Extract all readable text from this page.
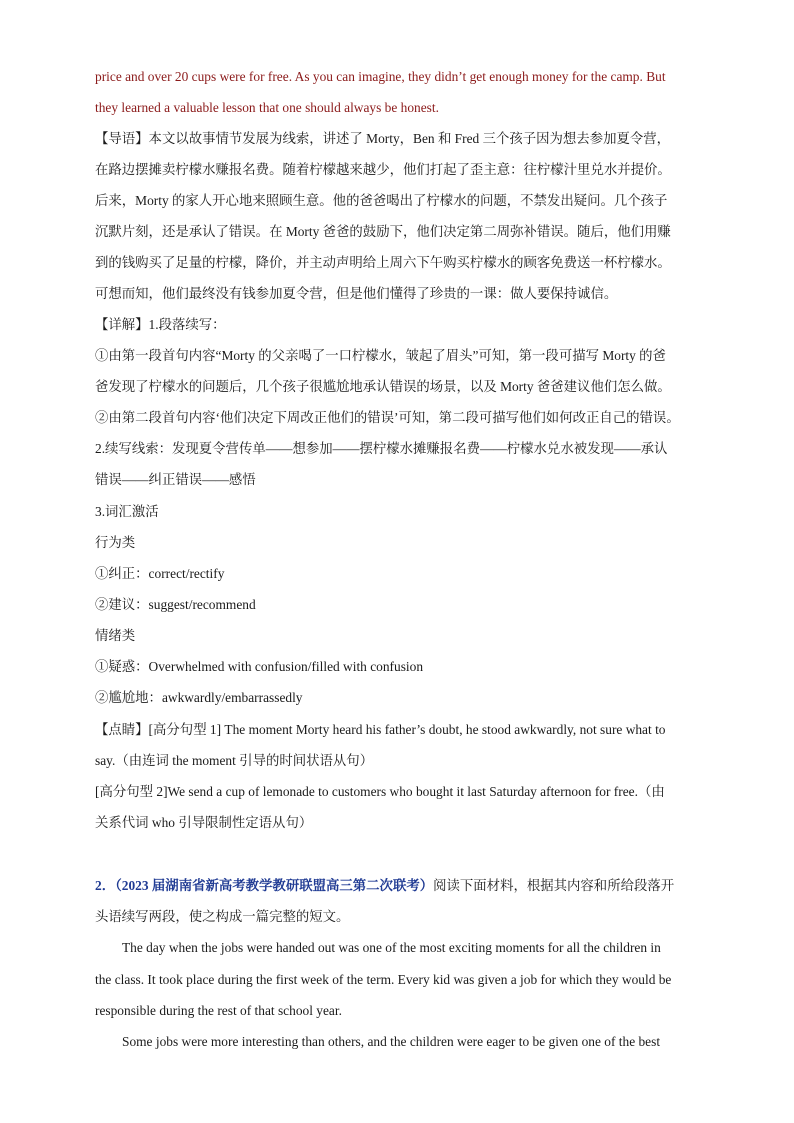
price and over 20 cups were for free. As you can imagine, they didn’t get enough money for the camp. But
they learned a valuable lesson that one should always be honest.
【导语】本文以故事情节发展为线索，讲述了 Morty，Ben 和 Fred 三个孩子因为想去参加夏令营，
在路边摆摊卖柠檬水赚报名费。随着柠檬越来越少，他们打起了歪主意：往柠檬汁里兑水并提价。
后来，Morty 的家人开心地来照顾生意。他的爸爸喝出了柠檬水的问题，不禁发出疑问。几个孩子
沉默片刻，还是承认了错误。在 Morty 爸爸的鼓励下，他们决定第二周弥补错误。随后，他们用赚
到的钱购买了足量的柠檬，降价，并主动声明给上周六下午购买柠檬水的顾客免费送一杯柠檬水。
可想而知，他们最终没有钱参加夏令营，但是他们懂得了珍贵的一课：做人要保持诚信。
【详解】1.段落续写：
①由第一段首句内容“Morty 的父亲喝了一口柠檬水，皱起了眉头”可知，第一段可描写 Morty 的爸
爸发现了柠檬水的问题后，几个孩子很尴尬地承认错误的场景，以及 Morty 爸爸建议他们怎么做。
②由第二段首句内容‘他们决定下周改正他们的错误’可知，第二段可描写他们如何改正自己的错误。
2.续写线索：发现夏令营传单——想参加——摆柠檬水摊赚报名费——柠檬水兑水被发现——承认
错误——纠正错误——感悟
3.词汇激活
行为类
①纠正：correct/rectify
②建议：suggest/recommend
情绪类
①疑惑：Overwhelmed with confusion/filled with confusion
②尴尬地：awkwardly/embarrassedly
【点睛】[高分句型 1] The moment Morty heard his father’s doubt, he stood awkwardly, not sure what to
say.（由连词 the moment 引导的时间状语从句）
[高分句型 2]We send a cup of lemonade to customers who bought it last Saturday afternoon for free.（由
关系代词 who 引导限制性定语从句）
2．（2023 届湖南省新高考教学教研联盟高三第二次联考）阅读下面材料，根据其内容和所给段落开
头语续写两段，使之构成一篇完整的短文。
The day when the jobs were handed out was one of the most exciting moments for all the children in
the class. It took place during the first week of the term. Every kid was given a job for which they would be
responsible during the rest of that school year.
Some jobs were more interesting than others, and the children were eager to be given one of the best
